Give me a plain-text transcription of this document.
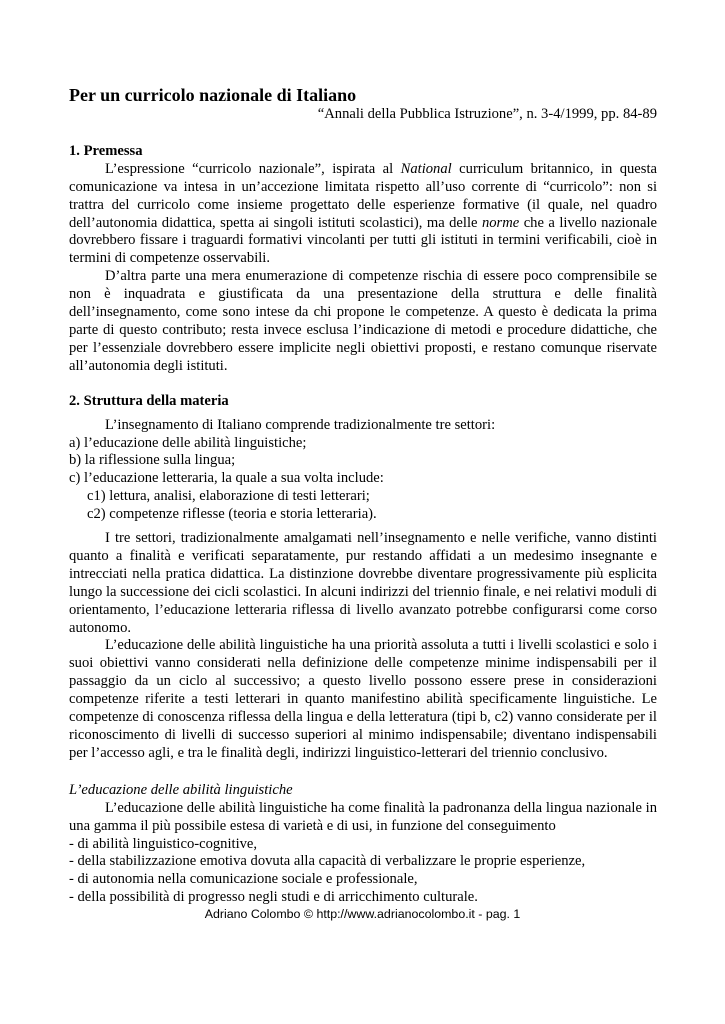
Per un curricolo nazionale di Italiano

“Annali della Pubblica Istruzione”, n. 3-4/1999, pp. 84-89

1. Premessa

L’espressione “curricolo nazionale”, ispirata al National curriculum britannico, in questa comunicazione va intesa in un’accezione limitata rispetto all’uso corrente di “curricolo”: non si trattra del curricolo come insieme progettato delle esperienze formative (il quale, nel quadro dell’autonomia didattica, spetta ai singoli istituti scolastici), ma delle norme che a livello nazionale dovrebbero fissare i traguardi formativi vincolanti per tutti gli istituti in termini verificabili, cioè in termini di competenze osservabili.

D’altra parte una mera enumerazione di competenze rischia di essere poco comprensibile se non è inquadrata e giustificata da una presentazione della struttura e delle finalità dell’insegnamento, come sono intese da chi propone le competenze. A questo è dedicata la prima parte di questo contributo; resta invece esclusa l’indicazione di metodi e procedure didattiche, che per l’essenziale dovrebbero essere implicite negli obiettivi proposti, e restano comunque riservate all’autonomia degli istituti.

2. Struttura della materia

L’insegnamento di Italiano comprende tradizionalmente tre settori:

a) l’educazione delle abilità linguistiche;
b) la riflessione sulla lingua;
c) l’educazione letteraria, la quale a sua volta include:
c1) lettura, analisi, elaborazione di testi letterari;
c2) competenze riflesse (teoria e storia letteraria).

I tre settori, tradizionalmente amalgamati nell’insegnamento e nelle verifiche, vanno distinti quanto a finalità e verificati separatamente, pur restando affidati a un medesimo insegnante e intrecciati nella pratica didattica. La distinzione dovrebbe diventare progressivamente più esplicita lungo la successione dei cicli scolastici. In alcuni indirizzi del triennio finale, e nei relativi moduli di orientamento, l’educazione letteraria riflessa di livello avanzato potrebbe configurarsi come corso autonomo.

L’educazione delle abilità linguistiche ha una priorità assoluta a tutti i livelli scolastici e solo i suoi obiettivi vanno considerati nella definizione delle competenze minime indispensabili per il passaggio da un ciclo al successivo; a questo livello possono essere prese in considerazioni competenze riferite a testi letterari in quanto manifestino abilità specificamente linguistiche. Le competenze di conoscenza riflessa della lingua e della letteratura (tipi b, c2) vanno considerate per il riconoscimento di livelli di successo superiori al minimo indispensabile; diventano indispensabili per l’accesso agli, e tra le finalità degli, indirizzi linguistico-letterari del triennio conclusivo.

L’educazione delle abilità linguistiche

L’educazione delle abilità linguistiche ha come finalità la padronanza della lingua nazionale in una gamma il più possibile estesa di varietà e di usi, in funzione del conseguimento

- di abilità linguistico-cognitive,
- della stabilizzazione emotiva dovuta alla capacità di verbalizzare le proprie esperienze,
- di autonomia nella comunicazione sociale e professionale,
- della possibilità di progresso negli studi e di arricchimento culturale.
Adriano Colombo © http://www.adrianocolombo.it - pag. 1
